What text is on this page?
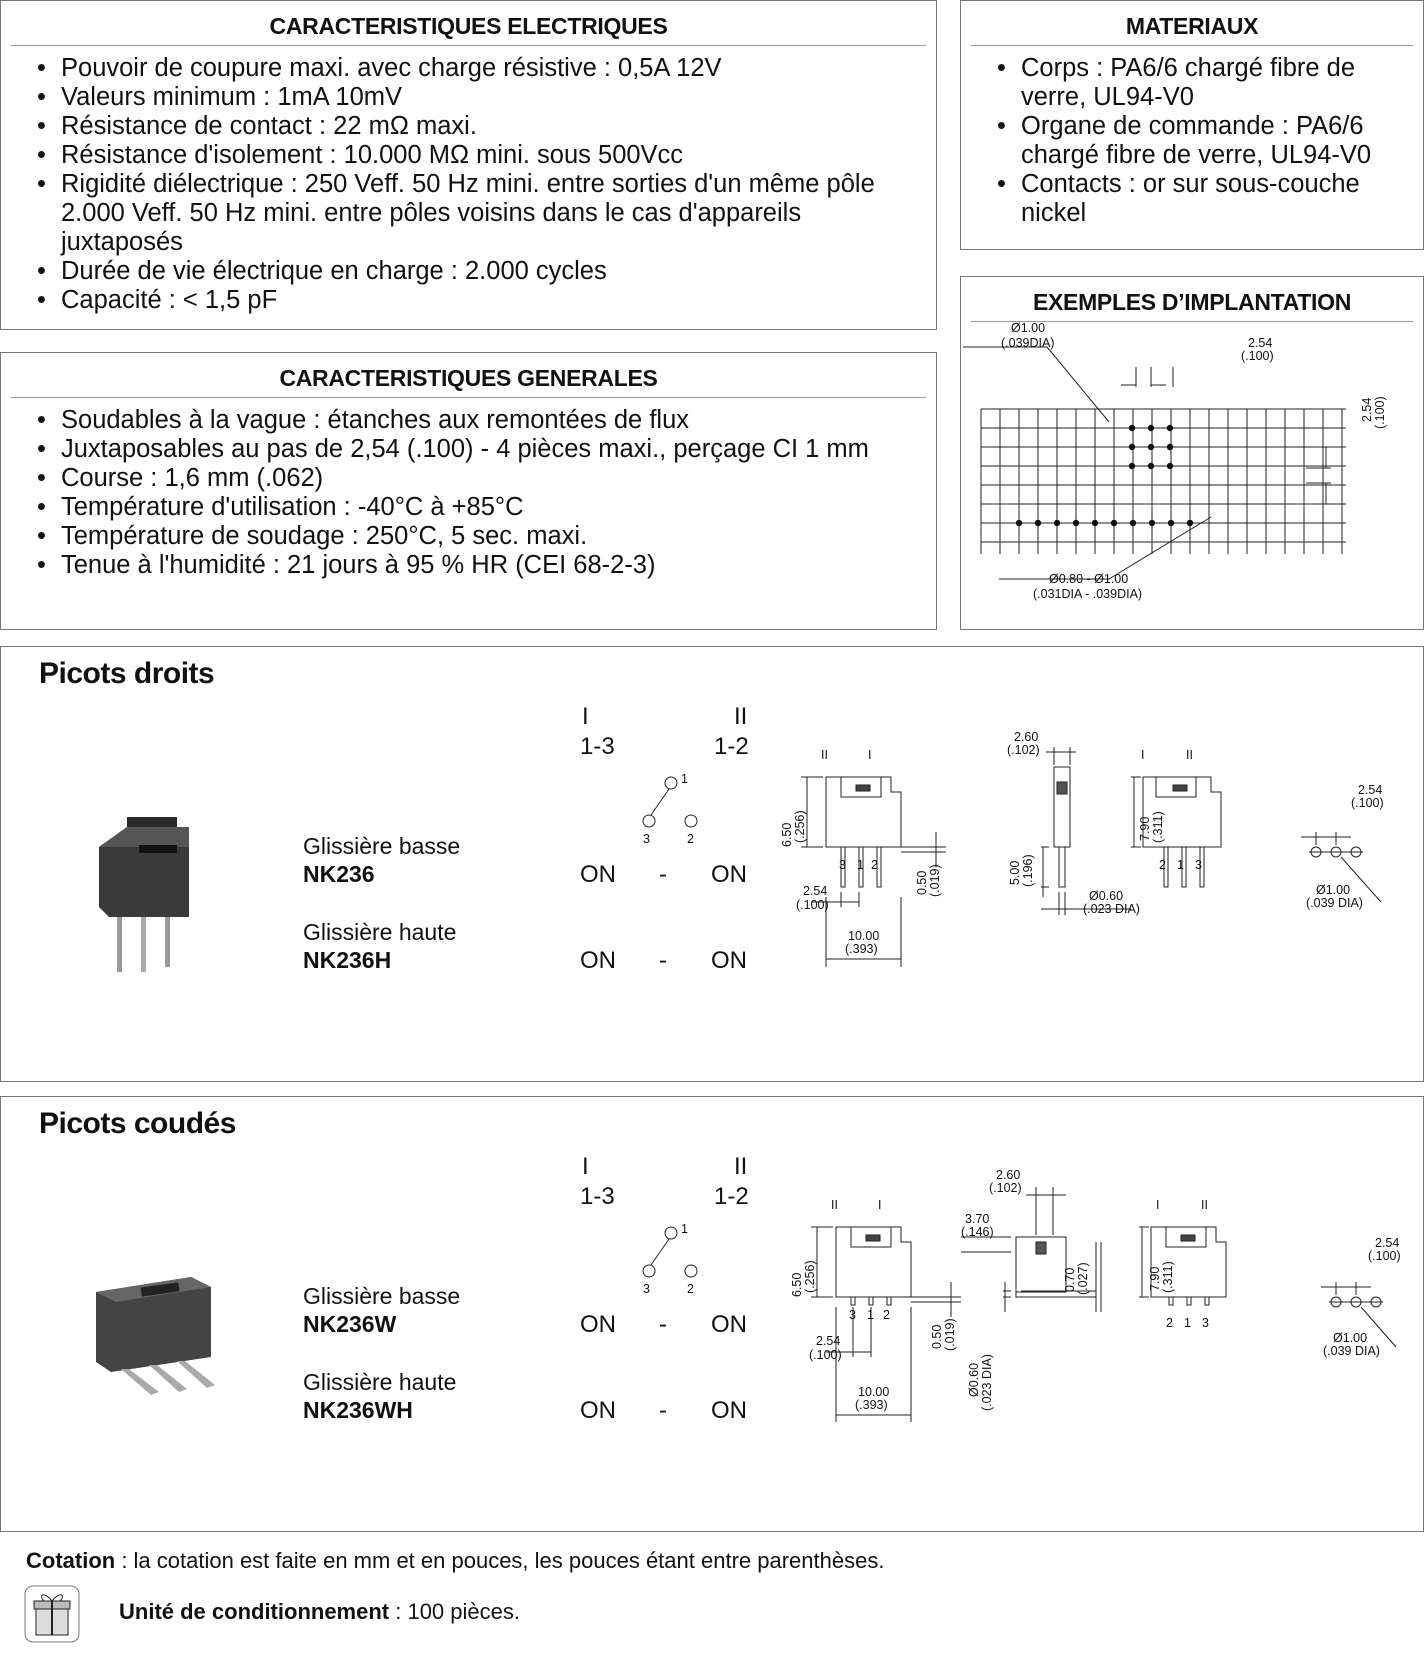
CARACTERISTIQUES ELECTRIQUES
• Pouvoir de coupure maxi. avec charge résistive : 0,5A 12V
• Valeurs minimum : 1mA 10mV
• Résistance de contact : 22 mΩ maxi.
• Résistance d'isolement : 10.000 MΩ mini. sous 500Vcc
• Rigidité diélectrique : 250 Veff. 50 Hz mini. entre sorties d'un même pôle 2.000 Veff. 50 Hz mini. entre pôles voisins dans le cas d'appareils juxtaposés
• Durée de vie électrique en charge : 2.000 cycles
• Capacité : < 1,5 pF
MATERIAUX
• Corps : PA6/6 chargé fibre de verre, UL94-V0
• Organe de commande : PA6/6 chargé fibre de verre, UL94-V0
• Contacts : or sur sous-couche nickel
CARACTERISTIQUES GENERALES
• Soudables à la vague : étanches aux remontées de flux
• Juxtaposables au pas de 2,54 (.100) - 4 pièces maxi., perçage CI 1 mm
• Course : 1,6 mm (.062)
• Température d'utilisation : -40°C à +85°C
• Température de soudage : 250°C, 5 sec. maxi.
• Tenue à l'humidité : 21 jours à 95 % HR (CEI 68-2-3)
EXEMPLES D’IMPLANTATION
Ø1.00
(.039DIA)	2.54
(.100)
2.54 (.100)
Ø0.80 - Ø1.00
(.031DIA - .039DIA)
Picots droits
I	II
1-3	1-2
1
3	2
Glissière basse
NK236	ON - ON
Glissière haute
NK236H	ON - ON
6.50 (.256)
II	I
3 1 2
2.54
(.100)
10.00
(.393)
0.50 (.019)
2.60
(.102)
5.00 (.196)
Ø0.60
(.023 DIA)
7.90 (.311)
I	II
2 1 3
2.54
(.100)
Ø1.00
(.039 DIA)
Picots coudés
I	II
1-3	1-2
1
3	2
Glissière basse
NK236W	ON - ON
Glissière haute
NK236WH	ON - ON
6.50 (.256)
II	I
3 1 2
2.54
(.100)
10.00
(.393)
0.50 (.019)
2.60
(.102)
3.70
(.146)
0.70 (.027)
Ø0.60 (.023 DIA)
7.90 (.311)
I	II
2 1 3
2.54
(.100)
Ø1.00
(.039 DIA)
Cotation : la cotation est faite en mm et en pouces, les pouces étant entre parenthèses.
Unité de conditionnement : 100 pièces.
